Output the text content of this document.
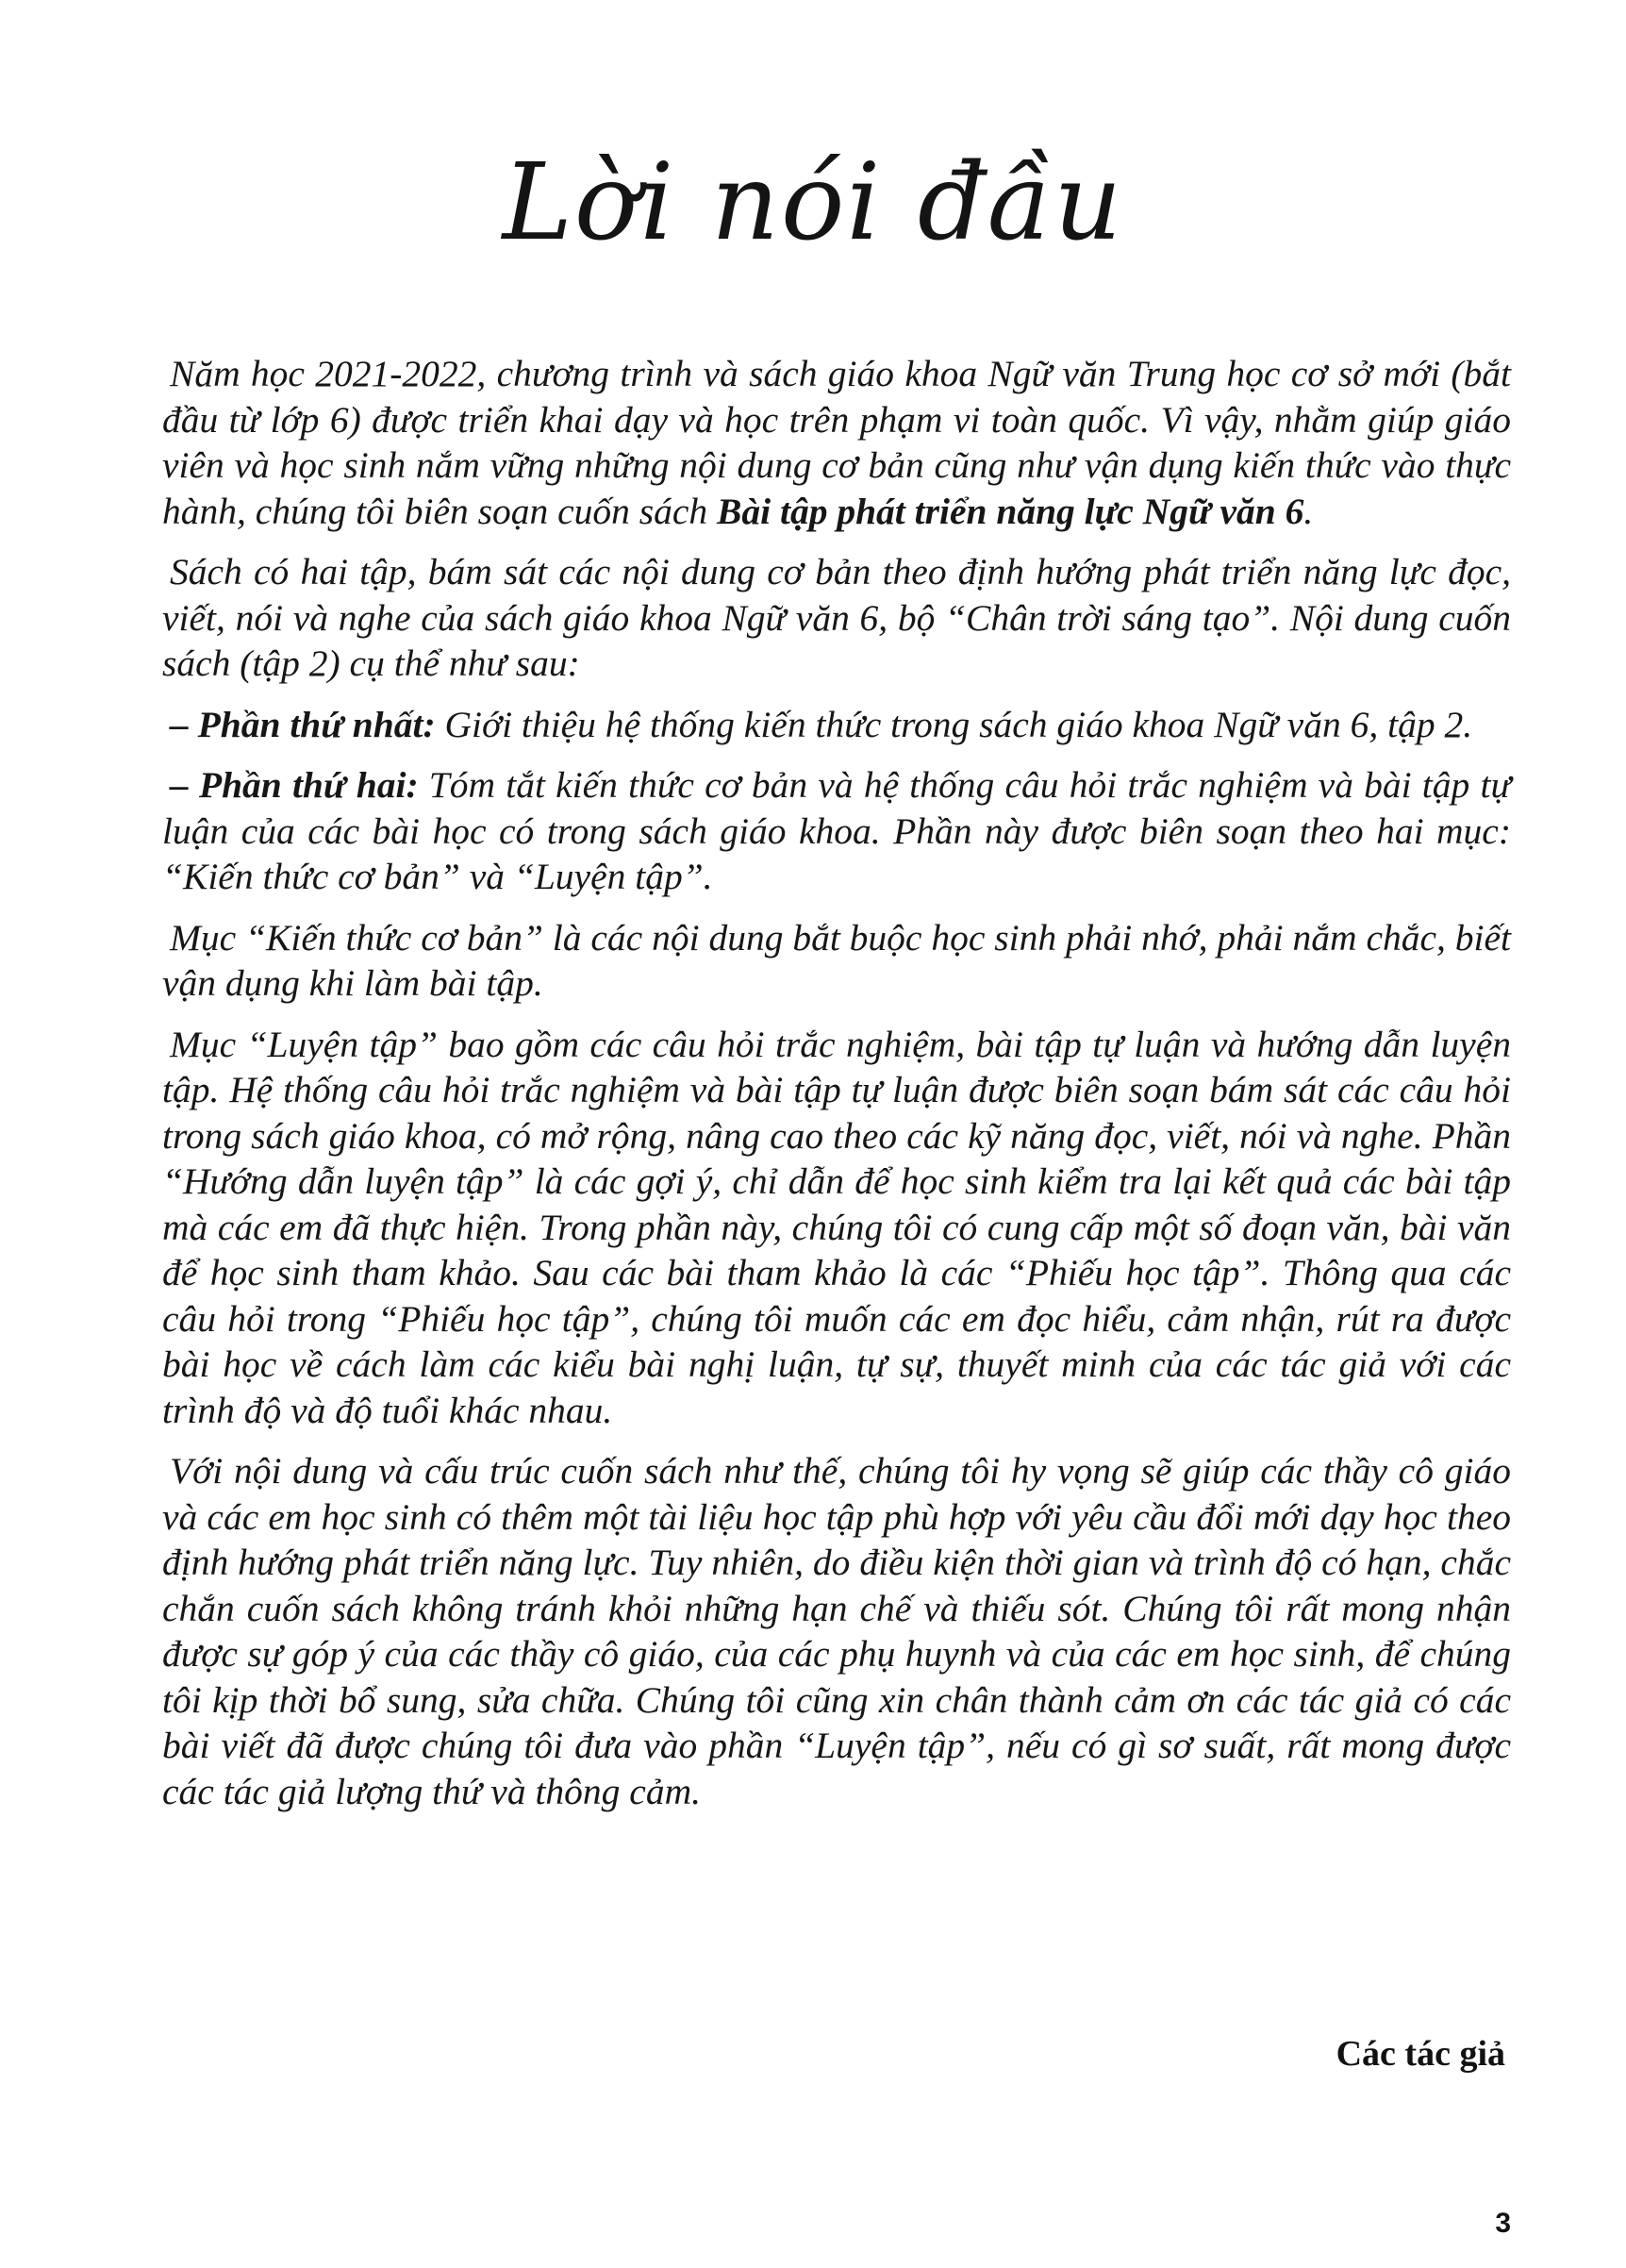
Lời nói đầu

Năm học 2021-2022, chương trình và sách giáo khoa Ngữ văn Trung học cơ sở mới (bắt đầu từ lớp 6) được triển khai dạy và học trên phạm vi toàn quốc. Vì vậy, nhằm giúp giáo viên và học sinh nắm vững những nội dung cơ bản cũng như vận dụng kiến thức vào thực hành, chúng tôi biên soạn cuốn sách Bài tập phát triển năng lực Ngữ văn 6.

Sách có hai tập, bám sát các nội dung cơ bản theo định hướng phát triển năng lực đọc, viết, nói và nghe của sách giáo khoa Ngữ văn 6, bộ “Chân trời sáng tạo”. Nội dung cuốn sách (tập 2) cụ thể như sau:

– Phần thứ nhất: Giới thiệu hệ thống kiến thức trong sách giáo khoa Ngữ văn 6, tập 2.

– Phần thứ hai: Tóm tắt kiến thức cơ bản và hệ thống câu hỏi trắc nghiệm và bài tập tự luận của các bài học có trong sách giáo khoa. Phần này được biên soạn theo hai mục: “Kiến thức cơ bản” và “Luyện tập”.

Mục “Kiến thức cơ bản” là các nội dung bắt buộc học sinh phải nhớ, phải nắm chắc, biết vận dụng khi làm bài tập.

Mục “Luyện tập” bao gồm các câu hỏi trắc nghiệm, bài tập tự luận và hướng dẫn luyện tập. Hệ thống câu hỏi trắc nghiệm và bài tập tự luận được biên soạn bám sát các câu hỏi trong sách giáo khoa, có mở rộng, nâng cao theo các kỹ năng đọc, viết, nói và nghe. Phần “Hướng dẫn luyện tập” là các gợi ý, chỉ dẫn để học sinh kiểm tra lại kết quả các bài tập mà các em đã thực hiện. Trong phần này, chúng tôi có cung cấp một số đoạn văn, bài văn để học sinh tham khảo. Sau các bài tham khảo là các “Phiếu học tập”. Thông qua các câu hỏi trong “Phiếu học tập”, chúng tôi muốn các em đọc hiểu, cảm nhận, rút ra được bài học về cách làm các kiểu bài nghị luận, tự sự, thuyết minh của các tác giả với các trình độ và độ tuổi khác nhau.

Với nội dung và cấu trúc cuốn sách như thế, chúng tôi hy vọng sẽ giúp các thầy cô giáo và các em học sinh có thêm một tài liệu học tập phù hợp với yêu cầu đổi mới dạy học theo định hướng phát triển năng lực. Tuy nhiên, do điều kiện thời gian và trình độ có hạn, chắc chắn cuốn sách không tránh khỏi những hạn chế và thiếu sót. Chúng tôi rất mong nhận được sự góp ý của các thầy cô giáo, của các phụ huynh và của các em học sinh, để chúng tôi kịp thời bổ sung, sửa chữa. Chúng tôi cũng xin chân thành cảm ơn các tác giả có các bài viết đã được chúng tôi đưa vào phần “Luyện tập”, nếu có gì sơ suất, rất mong được các tác giả lượng thứ và thông cảm.

Các tác giả
3
